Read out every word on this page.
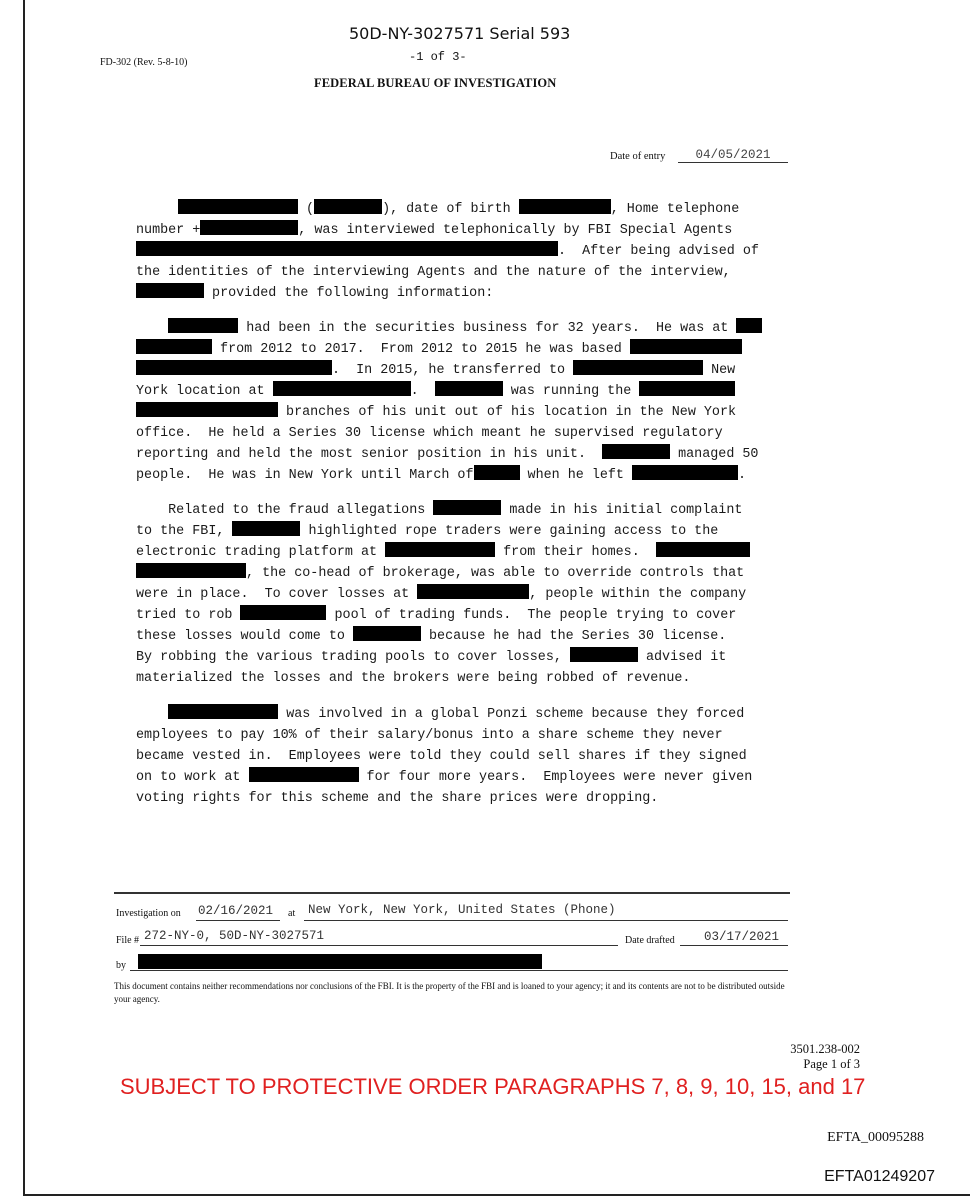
50D-NY-3027571 Serial 593
-1 of 3-
FD-302 (Rev. 5-8-10)
FEDERAL BUREAU OF INVESTIGATION
Date of entry	04/05/2021
(	), date of birth	, Home telephone
number +	, was interviewed telephonically by FBI Special Agents
.  After being advised of
the identities of the interviewing Agents and the nature of the interview,
provided the following information:
had been in the securities business for 32 years.  He was at
from 2012 to 2017.  From 2012 to 2015 he was based
.  In 2015, he transferred to	New
York location at	.	was running the
branches of his unit out of his location in the New York
office.  He held a Series 30 license which meant he supervised regulatory
reporting and held the most senior position in his unit.	managed 50
people.  He was in New York until March of	when he left	.
Related to the fraud allegations	made in his initial complaint
to the FBI,	highlighted rope traders were gaining access to the
electronic trading platform at	from their homes.
, the co-head of brokerage, was able to override controls that
were in place.  To cover losses at	, people within the company
tried to rob	pool of trading funds.  The people trying to cover
these losses would come to	because he had the Series 30 license.
By robbing the various trading pools to cover losses,	advised it
materialized the losses and the brokers were being robbed of revenue.
was involved in a global Ponzi scheme because they forced
employees to pay 10% of their salary/bonus into a share scheme they never
became vested in.  Employees were told they could sell shares if they signed
on to work at	for four more years.  Employees were never given
voting rights for this scheme and the share prices were dropping.
Investigation on 02/16/2021 at New York, New York, United States (Phone)
File # 272-NY-0, 50D-NY-3027571	Date drafted 03/17/2021
by
This document contains neither recommendations nor conclusions of the FBI. It is the property of the FBI and is loaned to your agency; it and its contents are not to be distributed outside your agency.
3501.238-002
Page 1 of 3
SUBJECT TO PROTECTIVE ORDER PARAGRAPHS 7, 8, 9, 10, 15, and 17
EFTA_00095288
EFTA01249207
